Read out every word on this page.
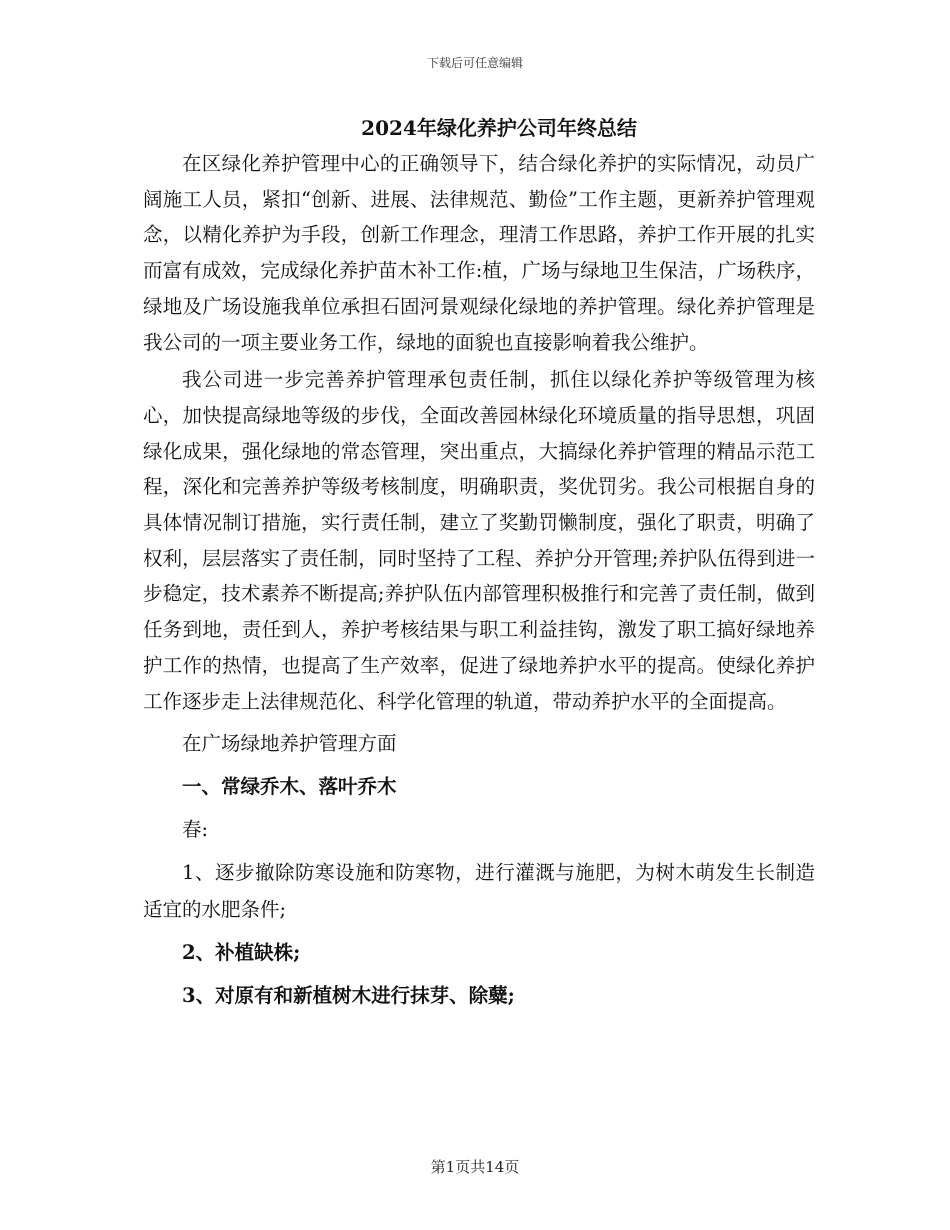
下载后可任意编辑
2024年绿化养护公司年终总结

在区绿化养护管理中心的正确领导下，结合绿化养护的实际情况，动员广阔施工人员，紧扣“创新、进展、法律规范、勤俭”工作主题，更新养护管理观念，以精化养护为手段，创新工作理念，理清工作思路，养护工作开展的扎实而富有成效，完成绿化养护苗木补工作:植，广场与绿地卫生保洁，广场秩序，绿地及广场设施我单位承担石固河景观绿化绿地的养护管理。绿化养护管理是我公司的一项主要业务工作，绿地的面貌也直接影响着我公维护。

我公司进一步完善养护管理承包责任制，抓住以绿化养护等级管理为核心，加快提高绿地等级的步伐，全面改善园林绿化环境质量的指导思想，巩固绿化成果，强化绿地的常态管理，突出重点，大搞绿化养护管理的精品示范工程，深化和完善养护等级考核制度，明确职责，奖优罚劣。我公司根据自身的具体情况制订措施，实行责任制，建立了奖勤罚懒制度，强化了职责，明确了权利，层层落实了责任制，同时坚持了工程、养护分开管理;养护队伍得到进一步稳定，技术素养不断提高;养护队伍内部管理积极推行和完善了责任制，做到任务到地，责任到人，养护考核结果与职工利益挂钩，激发了职工搞好绿地养护工作的热情，也提高了生产效率，促进了绿地养护水平的提高。使绿化养护工作逐步走上法律规范化、科学化管理的轨道，带动养护水平的全面提高。

在广场绿地养护管理方面

一、常绿乔木、落叶乔木

春:

1、逐步撤除防寒设施和防寒物，进行灌溉与施肥，为树木萌发生长制造适宜的水肥条件;

2、补植缺株;

3、对原有和新植树木进行抹芽、除糵;

第1页共14页
